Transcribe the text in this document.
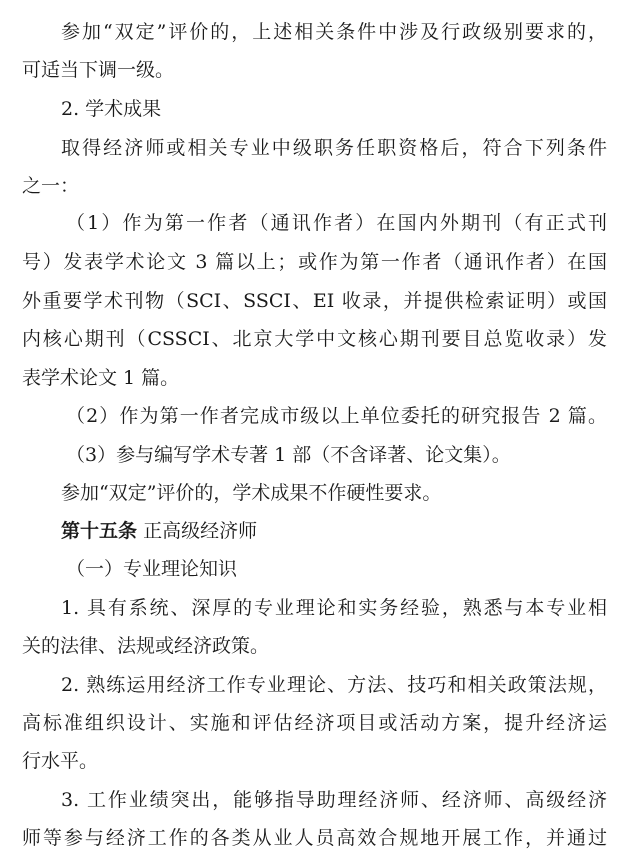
参加“双定”评价的，上述相关条件中涉及行政级别要求的，
可适当下调一级。
2. 学术成果
取得经济师或相关专业中级职务任职资格后，符合下列条件
之一：
（1）作为第一作者（通讯作者）在国内外期刊（有正式刊
号）发表学术论文 3 篇以上；或作为第一作者（通讯作者）在国
外重要学术刊物（SCI、SSCI、EI 收录，并提供检索证明）或国
内核心期刊（CSSCI、北京大学中文核心期刊要目总览收录）发
表学术论文 1 篇。
（2）作为第一作者完成市级以上单位委托的研究报告 2 篇。
（3）参与编写学术专著 1 部（不含译著、论文集）。
参加“双定”评价的，学术成果不作硬性要求。
第十五条 正高级经济师
（一）专业理论知识
1. 具有系统、深厚的专业理论和实务经验，熟悉与本专业相
关的法律、法规或经济政策。
2. 熟练运用经济工作专业理论、方法、技巧和相关政策法规，
高标准组织设计、实施和评估经济项目或活动方案，提升经济运
行水平。
3. 工作业绩突出，能够指导助理经济师、经济师、高级经济
师等参与经济工作的各类从业人员高效合规地开展工作，并通过
